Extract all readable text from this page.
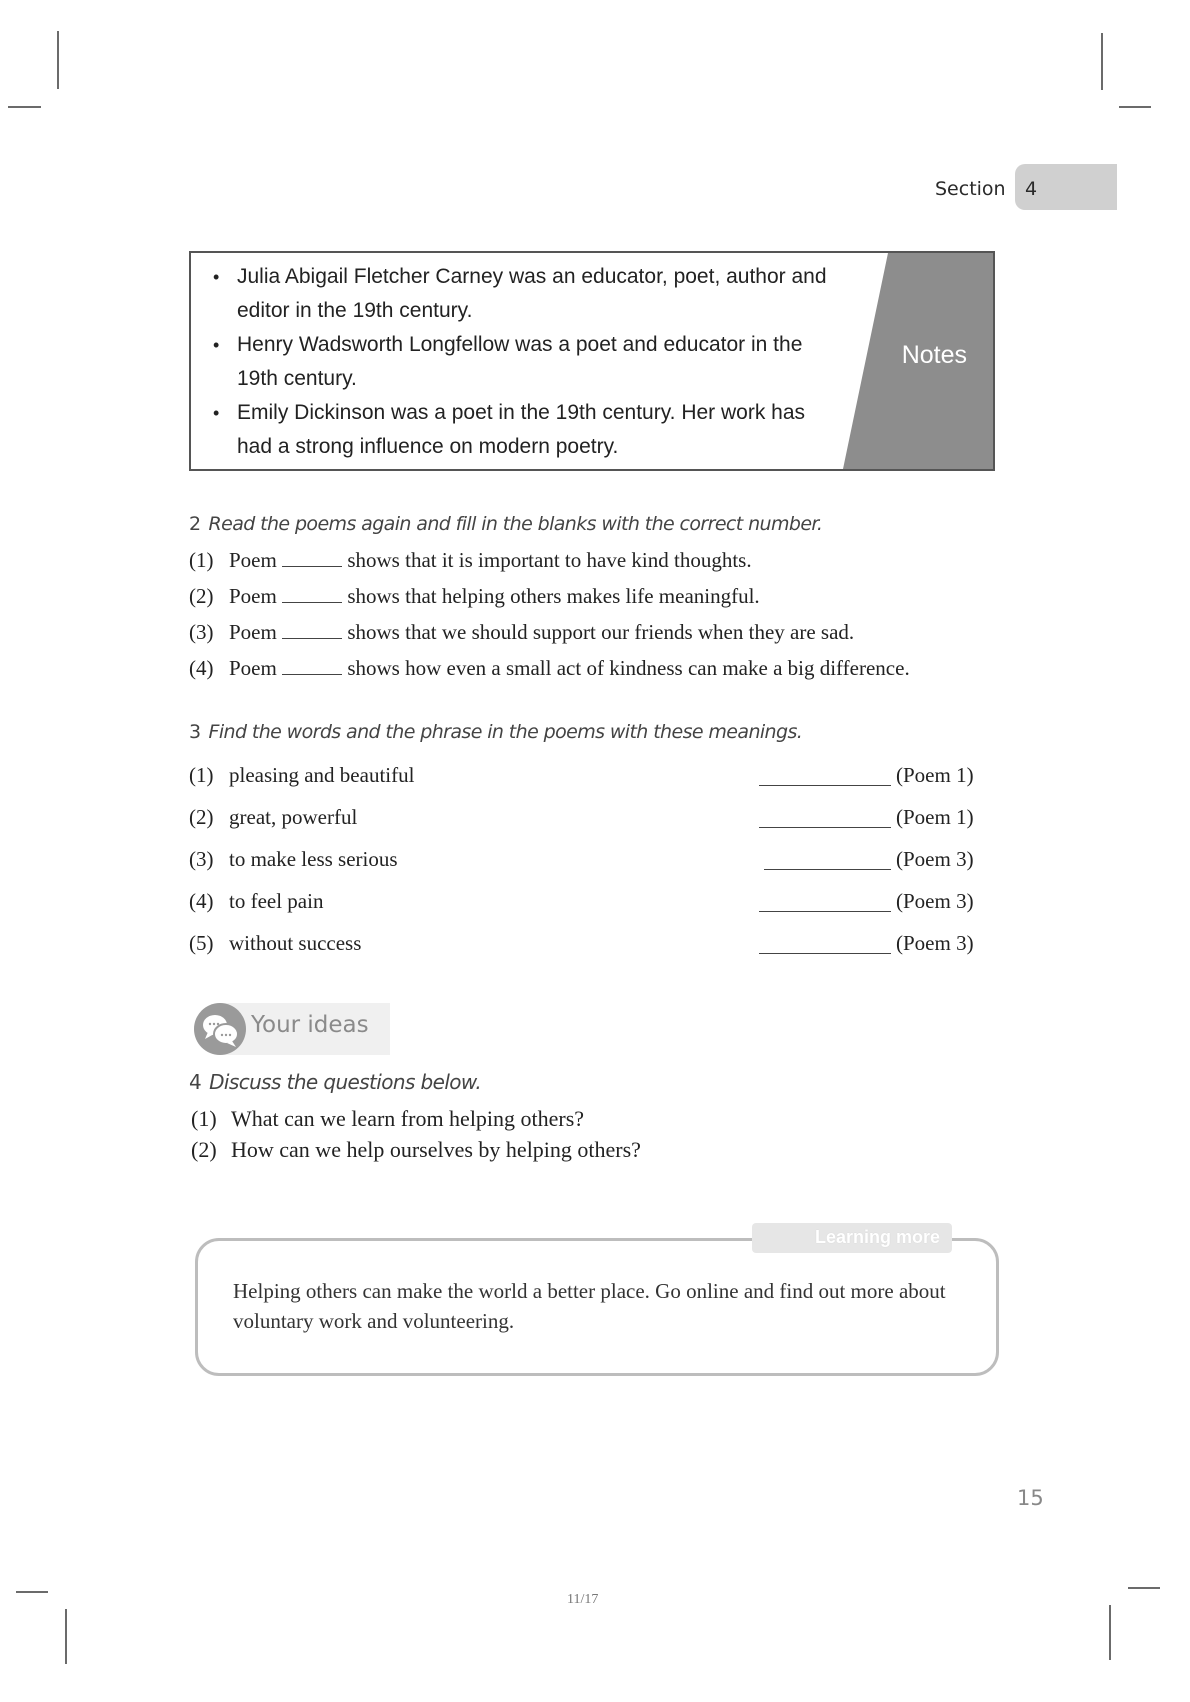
4
Section
• Julia Abigail Fletcher Carney was an educator, poet, author and editor in the 19th century.
• Henry Wadsworth Longfellow was a poet and educator in the 19th century.
• Emily Dickinson was a poet in the 19th century. Her work has had a strong influence on modern poetry.
Notes
2 Read the poems again and fill in the blanks with the correct number.
(1) Poem	shows that it is important to have kind thoughts.
(2) Poem	shows that helping others makes life meaningful.
(3) Poem	shows that we should support our friends when they are sad.
(4) Poem	shows how even a small act of kindness can make a big difference.
3 Find the words and the phrase in the poems with these meanings.
(1) pleasing and beautiful	(Poem 1)
(2) great, powerful	(Poem 1)
(3) to make less serious	(Poem 3)
(4) to feel pain	(Poem 3)
(5) without success	(Poem 3)
Your ideas
4 Discuss the questions below.
(1) What can we learn from helping others?
(2) How can we help ourselves by helping others?
Learning more
Helping others can make the world a better place. Go online and find out more about voluntary work and volunteering.
15
11/17
